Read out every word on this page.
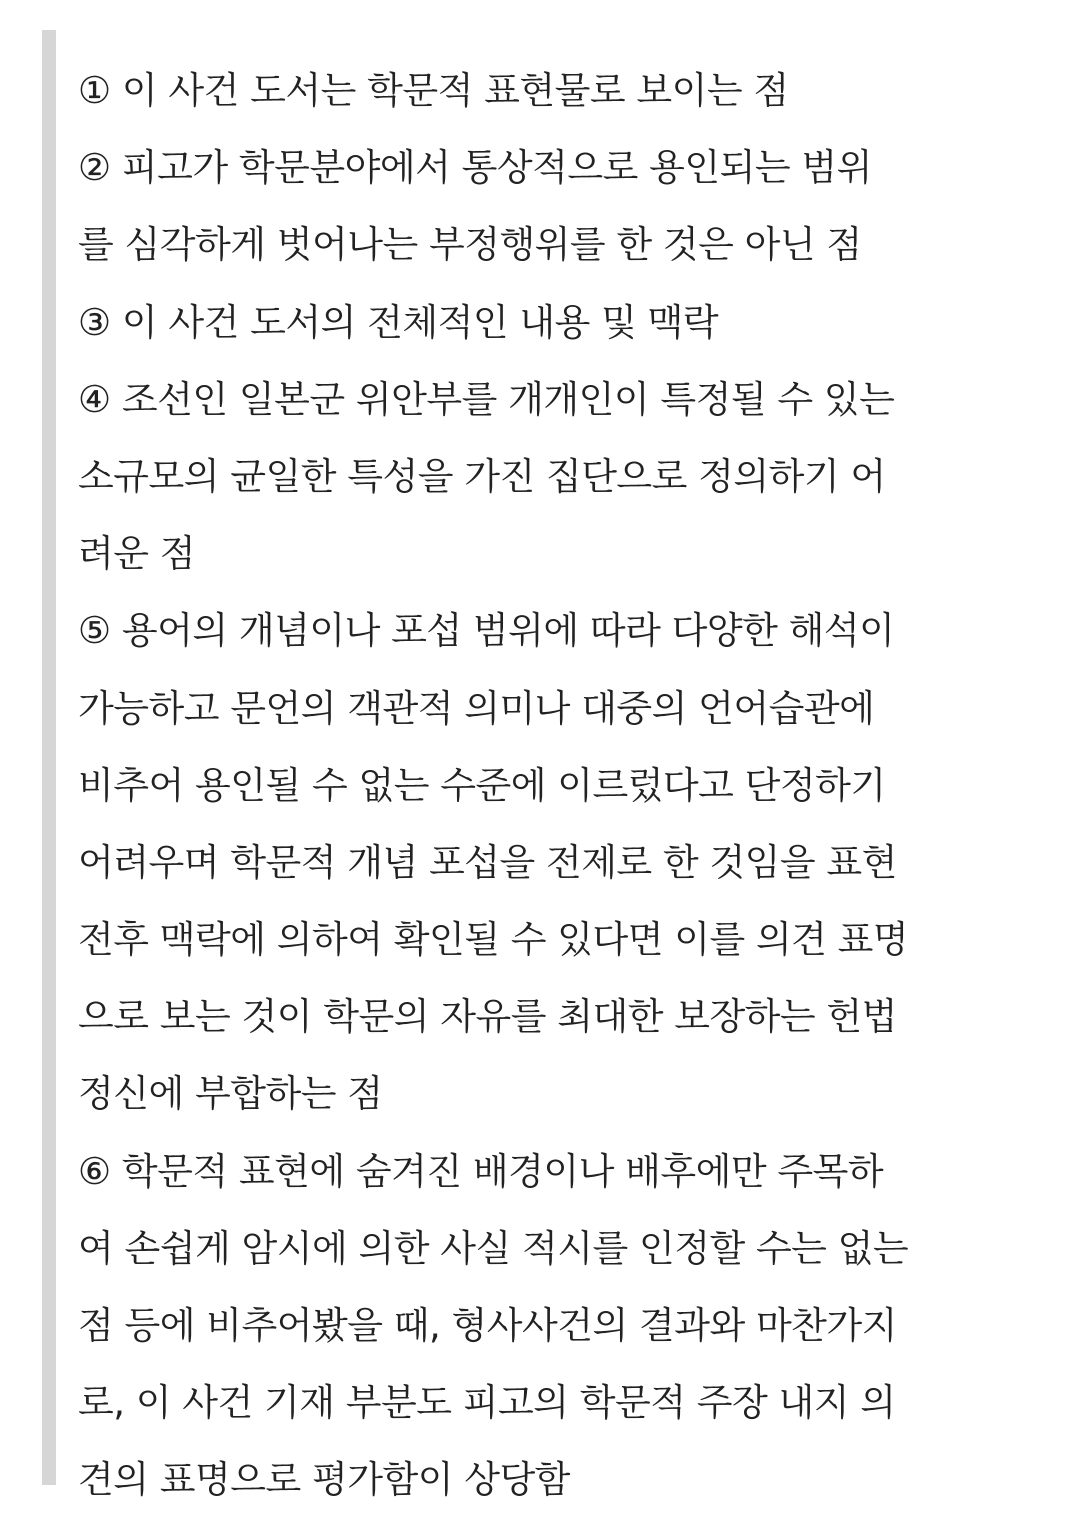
① 이 사건 도서는 학문적 표현물로 보이는 점
② 피고가 학문분야에서 통상적으로 용인되는 범위
를 심각하게 벗어나는 부정행위를 한 것은 아닌 점
③ 이 사건 도서의 전체적인 내용 및 맥락
④ 조선인 일본군 위안부를 개개인이 특정될 수 있는
소규모의 균일한 특성을 가진 집단으로 정의하기 어
려운 점
⑤ 용어의 개념이나 포섭 범위에 따라 다양한 해석이
가능하고 문언의 객관적 의미나 대중의 언어습관에
비추어 용인될 수 없는 수준에 이르렀다고 단정하기
어려우며 학문적 개념 포섭을 전제로 한 것임을 표현
전후 맥락에 의하여 확인될 수 있다면 이를 의견 표명
으로 보는 것이 학문의 자유를 최대한 보장하는 헌법
정신에 부합하는 점
⑥ 학문적 표현에 숨겨진 배경이나 배후에만 주목하
여 손쉽게 암시에 의한 사실 적시를 인정할 수는 없는
점 등에 비추어봤을 때, 형사사건의 결과와 마찬가지
로, 이 사건 기재 부분도 피고의 학문적 주장 내지 의
견의 표명으로 평가함이 상당함
